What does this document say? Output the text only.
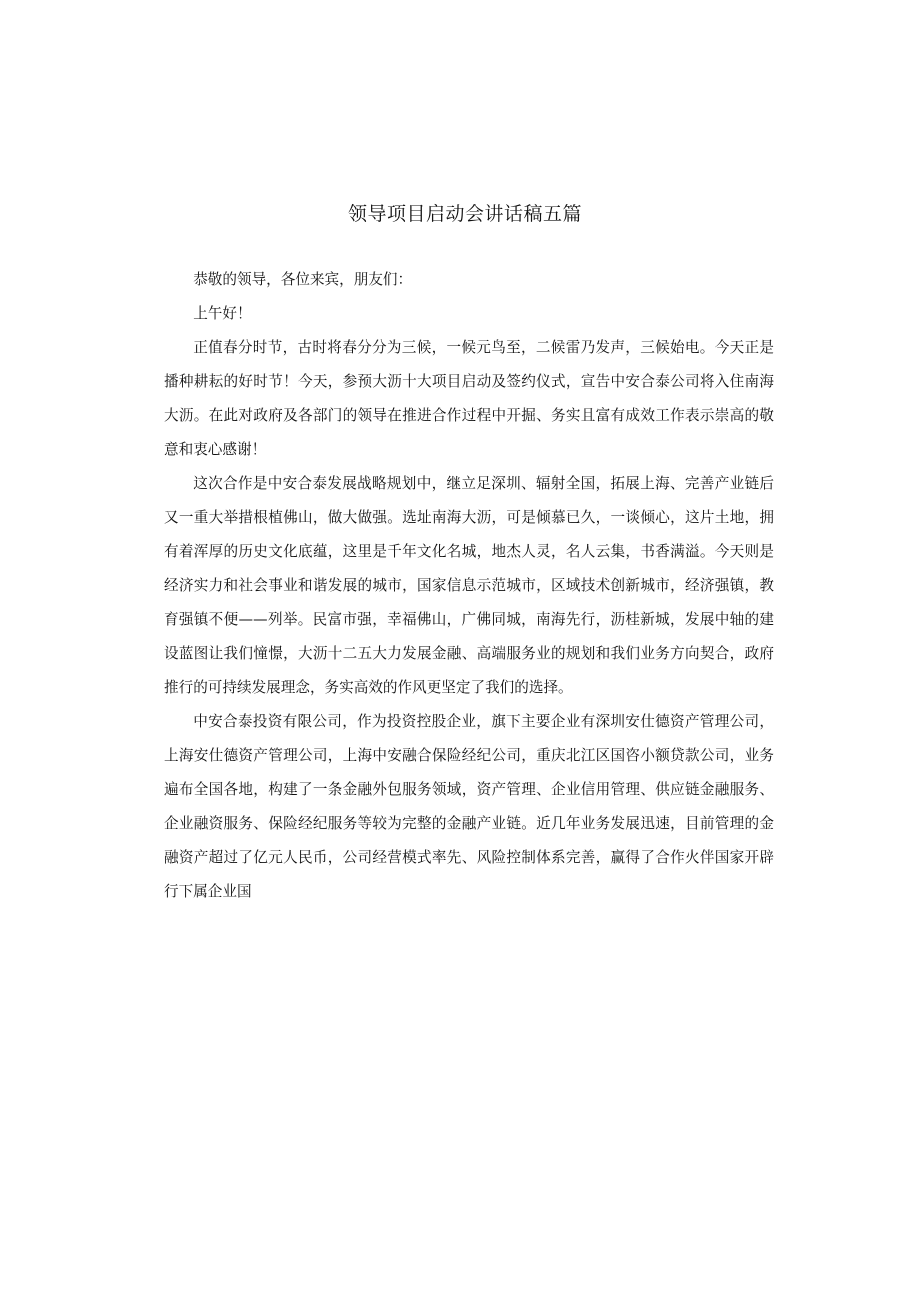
领导项目启动会讲话稿五篇

恭敬的领导，各位来宾，朋友们：

上午好！

正值春分时节，古时将春分分为三候，一候元鸟至，二候雷乃发声，三候始电。今天正是播种耕耘的好时节！今天，参预大沥十大项目启动及签约仪式，宣告中安合泰公司将入住南海大沥。在此对政府及各部门的领导在推进合作过程中开掘、务实且富有成效工作表示崇高的敬意和衷心感谢！

这次合作是中安合泰发展战略规划中，继立足深圳、辐射全国，拓展上海、完善产业链后又一重大举措根植佛山，做大做强。选址南海大沥，可是倾慕已久，一谈倾心，这片土地，拥有着浑厚的历史文化底蕴，这里是千年文化名城，地杰人灵，名人云集，书香满溢。今天则是经济实力和社会事业和谐发展的城市，国家信息示范城市，区域技术创新城市，经济强镇，教育强镇不便——列举。民富市强，幸福佛山，广佛同城，南海先行，沥桂新城，发展中轴的建设蓝图让我们憧憬，大沥十二五大力发展金融、高端服务业的规划和我们业务方向契合，政府推行的可持续发展理念，务实高效的作风更坚定了我们的选择。

中安合泰投资有限公司，作为投资控股企业，旗下主要企业有深圳安仕德资产管理公司，上海安仕德资产管理公司，上海中安融合保险经纪公司，重庆北江区国咨小额贷款公司，业务遍布全国各地，构建了一条金融外包服务领域，资产管理、企业信用管理、供应链金融服务、企业融资服务、保险经纪服务等较为完整的金融产业链。近几年业务发展迅速，目前管理的金融资产超过了亿元人民币，公司经营模式率先、风险控制体系完善，赢得了合作火伴国家开辟行下属企业国
